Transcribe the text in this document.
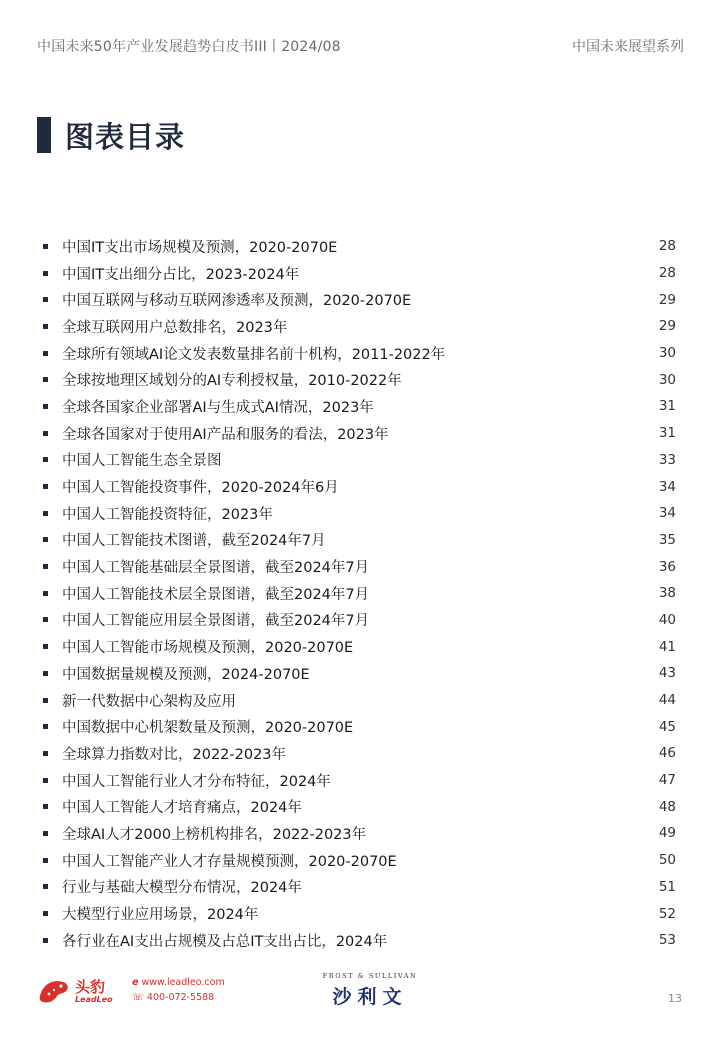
中国未来50年产业发展趋势白皮书III丨2024/08	中国未来展望系列
图表目录
中国IT支出市场规模及预测，2020-2070E	28
中国IT支出细分占比，2023-2024年	28
中国互联网与移动互联网渗透率及预测，2020-2070E	29
全球互联网用户总数排名，2023年	29
全球所有领域AI论文发表数量排名前十机构，2011-2022年	30
全球按地理区域划分的AI专利授权量，2010-2022年	30
全球各国家企业部署AI与生成式AI情况，2023年	31
全球各国家对于使用AI产品和服务的看法，2023年	31
中国人工智能生态全景图	33
中国人工智能投资事件，2020-2024年6月	34
中国人工智能投资特征，2023年	34
中国人工智能技术图谱，截至2024年7月	35
中国人工智能基础层全景图谱，截至2024年7月	36
中国人工智能技术层全景图谱，截至2024年7月	38
中国人工智能应用层全景图谱，截至2024年7月	40
中国人工智能市场规模及预测，2020-2070E	41
中国数据量规模及预测，2024-2070E	43
新一代数据中心架构及应用	44
中国数据中心机架数量及预测，2020-2070E	45
全球算力指数对比，2022-2023年	46
中国人工智能行业人才分布特征，2024年	47
中国人工智能人才培育痛点，2024年	48
全球AI人才2000上榜机构排名，2022-2023年	49
中国人工智能产业人才存量规模预测，2020-2070E	50
行业与基础大模型分布情况，2024年	51
大模型行业应用场景，2024年	52
各行业在AI支出占规模及占总IT支出占比，2024年	53
头豹
LeadLeo
e www.leadleo.com
☏ 400-072-5588
FROST & SULLIVAN
沙利文	13
